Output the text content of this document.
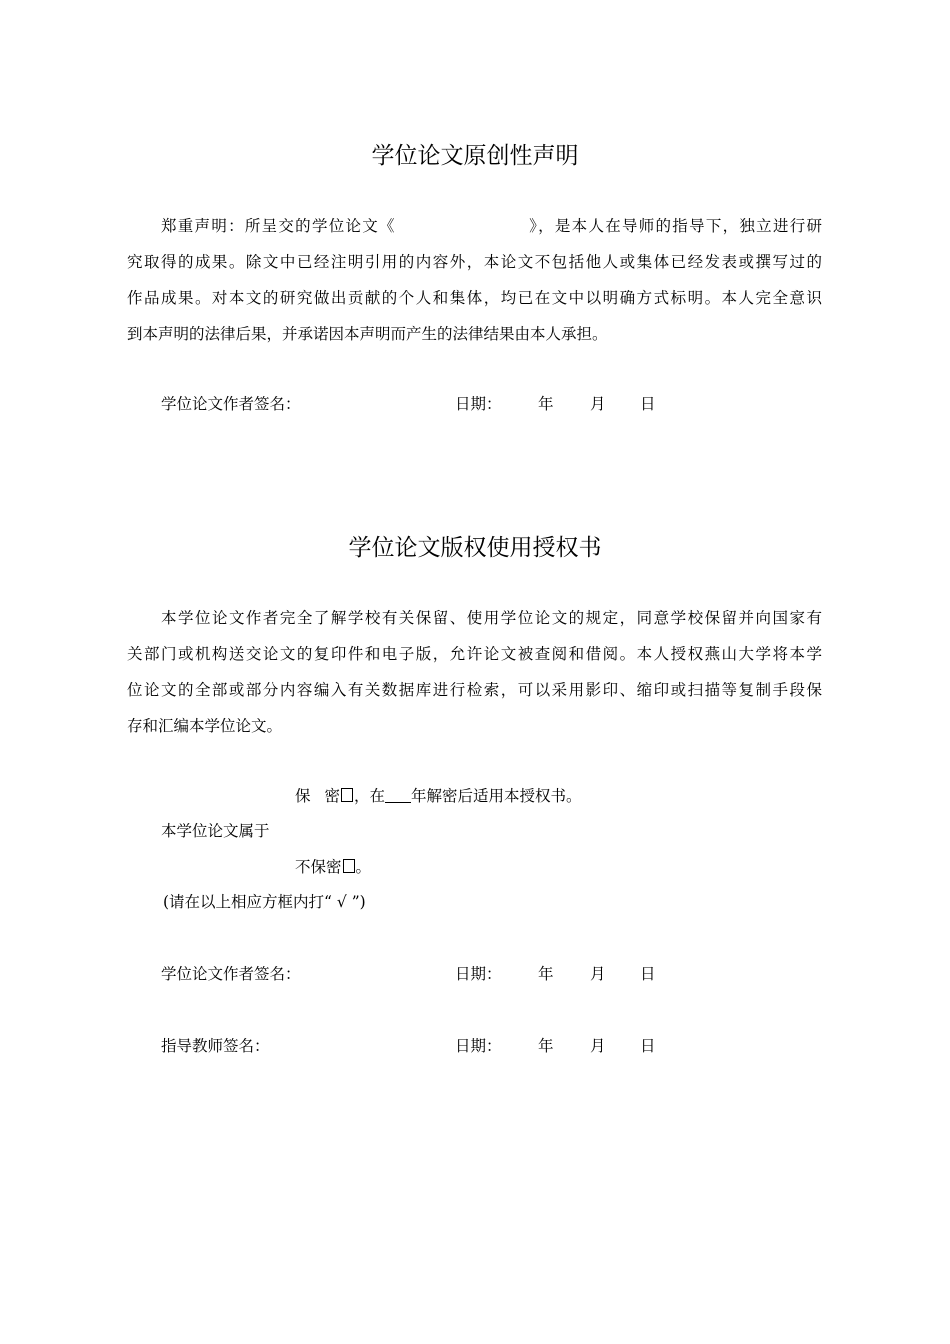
学位论文原创性声明
郑重声明：所呈交的学位论文《	》，是本人在导师的指导下，独立进行研
究取得的成果。除文中已经注明引用的内容外，本论文不包括他人或集体已经发表或撰写过的
作品成果。对本文的研究做出贡献的个人和集体，均已在文中以明确方式标明。本人完全意识
到本声明的法律后果，并承诺因本声明而产生的法律结果由本人承担。
学位论文作者签名：	日期： 年 月 日
学位论文版权使用授权书
本学位论文作者完全了解学校有关保留、使用学位论文的规定，同意学校保留并向国家有
关部门或机构送交论文的复印件和电子版，允许论文被查阅和借阅。本人授权燕山大学将本学
位论文的全部或部分内容编入有关数据库进行检索，可以采用影印、缩印或扫描等复制手段保
存和汇编本学位论文。
保 密 ，在 年解密后适用本授权书。
本学位论文属于
不保密 。
(请在以上相应方框内打“ √ ”)
学位论文作者签名：	日期： 年 月 日
指导教师签名：	日期： 年 月 日
